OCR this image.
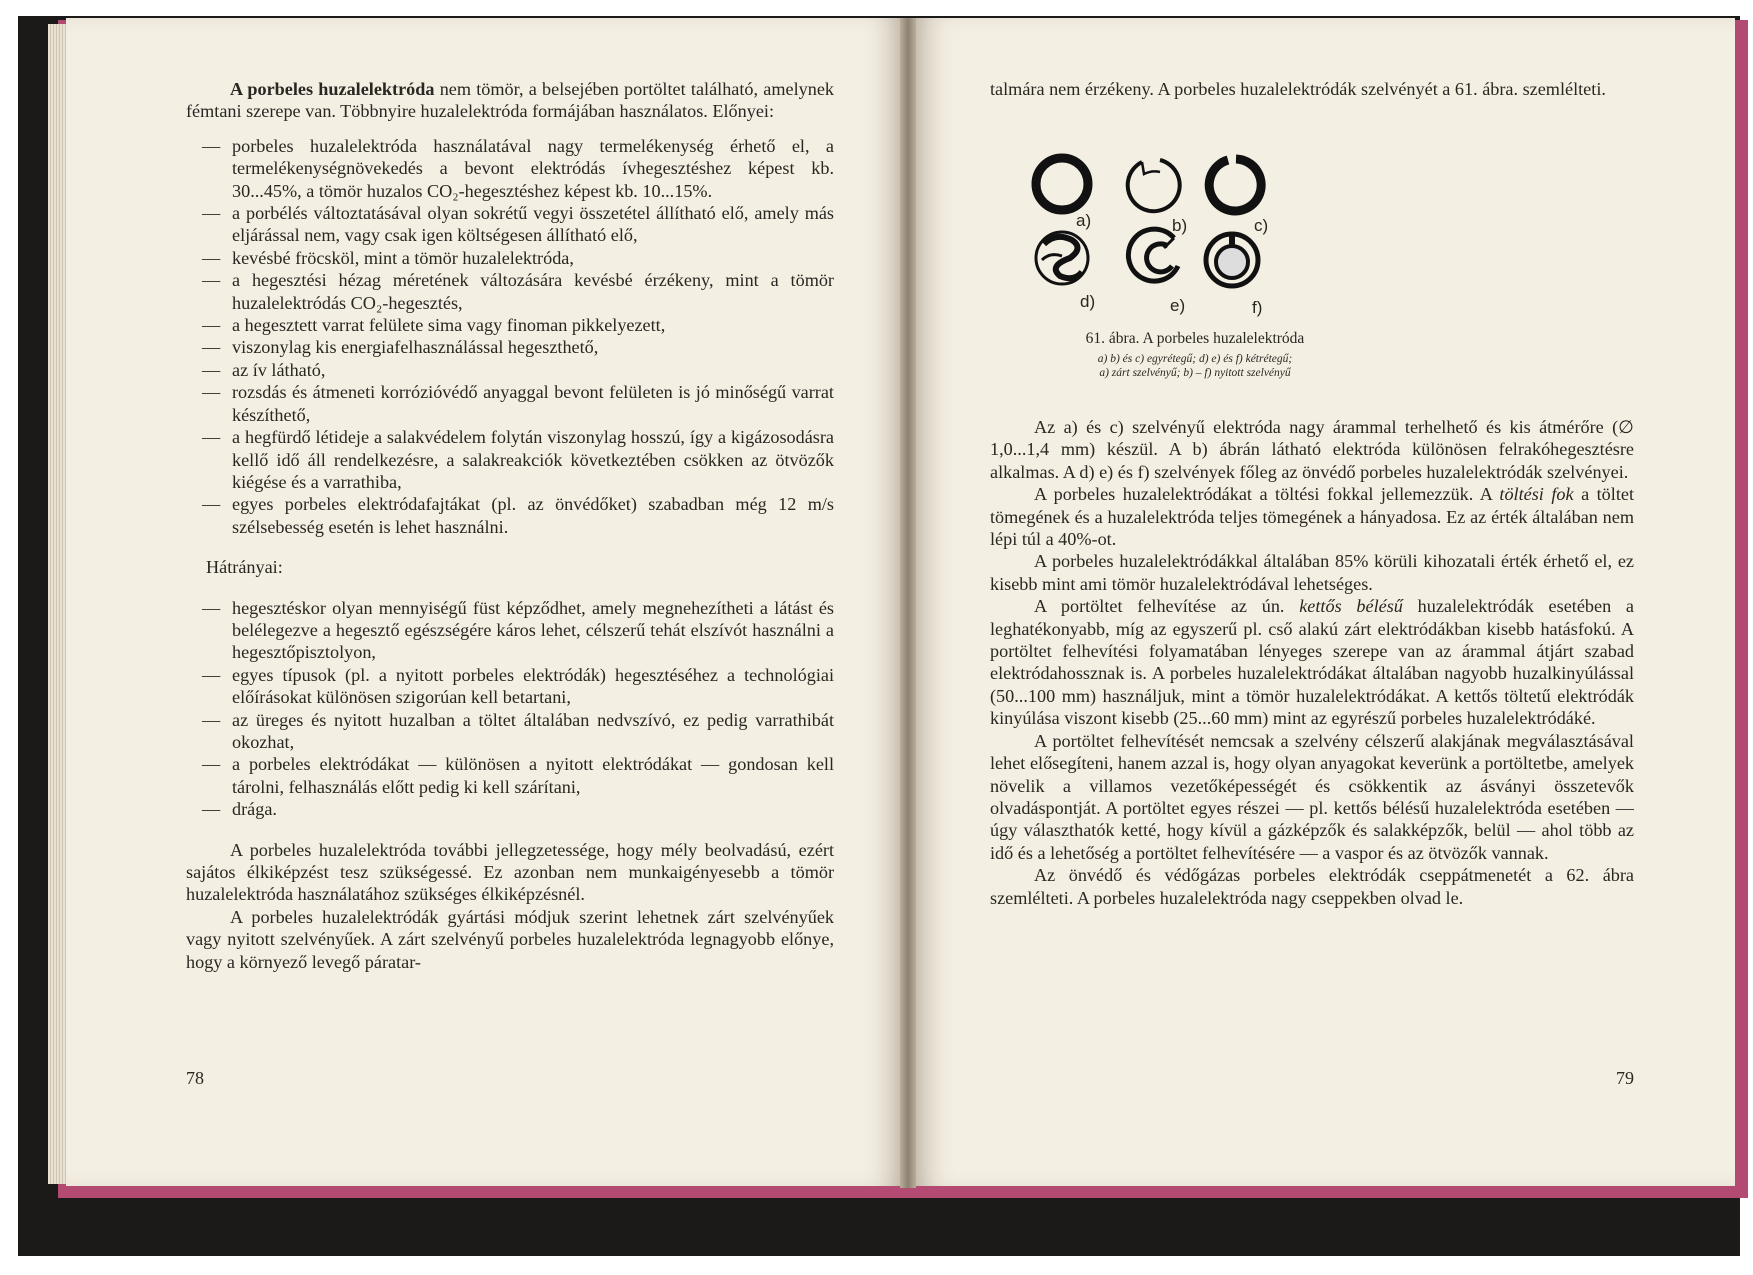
A porbeles huzalelektróda nem tömör, a belsejében portöltet található, amelynek fémtani szerepe van. Többnyire huzalelektróda formájában használatos. Előnyei:

— porbeles huzalelektróda használatával nagy termelékenység érhető el, a termelékenységnövekedés a bevont elektródás ívhegesztéshez képest kb. 30...45%, a tömör huzalos CO₂-hegesztéshez képest kb. 10...15%.
— a porbélés változtatásával olyan sokrétű vegyi összetétel állítható elő, amely más eljárással nem, vagy csak igen költségesen állítható elő,
— kevésbé fröcsköl, mint a tömör huzalelektróda,
— a hegesztési hézag méretének változására kevésbé érzékeny, mint a tömör huzalelektródás CO₂-hegesztés,
— a hegesztett varrat felülete sima vagy finoman pikkelyezett,
— viszonylag kis energiafelhasználással hegeszthető,
— az ív látható,
— rozsdás és átmeneti korrózióvédő anyaggal bevont felületen is jó minőségű varrat készíthető,
— a hegfürdő létideje a salakvédelem folytán viszonylag hosszú, így a kigázosodásra kellő idő áll rendelkezésre, a salakreakciók következtében csökken az ötvözők kiégése és a varrathiba,
— egyes porbeles elektródafajtákat (pl. az önvédőket) szabadban még 12 m/s szélsebesség esetén is lehet használni.

Hátrányai:

— hegesztéskor olyan mennyiségű füst képződhet, amely megnehezítheti a látást és belélegezve a hegesztő egészségére káros lehet, célszerű tehát elszívót használni a hegesztőpisztolyon,
— egyes típusok (pl. a nyitott porbeles elektródák) hegesztéséhez a technológiai előírásokat különösen szigorúan kell betartani,
— az üreges és nyitott huzalban a töltet általában nedvszívó, ez pedig varrathibát okozhat,
— a porbeles elektródákat — különösen a nyitott elektródákat — gondosan kell tárolni, felhasználás előtt pedig ki kell szárítani,
— drága.

A porbeles huzalelektróda további jellegzetessége, hogy mély beolvadású, ezért sajátos élkiképzést tesz szükségessé. Ez azonban nem munkaigényesebb a tömör huzalelektróda használatához szükséges élkiképzésnél.

A porbeles huzalelektródák gyártási módjuk szerint lehetnek zárt szelvényűek vagy nyitott szelvényűek. A zárt szelvényű porbeles huzalelektróda legnagyobb előnye, hogy a környező levegő páratar-

78

talmára nem érzékeny. A porbeles huzalelektródák szelvényét a 61. ábra. szemlélteti.

a)	b)	c)
d)	e)	f)
61. ábra. A porbeles huzalelektróda
a) b) és c) egyrétegű; d) e) és f) kétrétegű;
a) zárt szelvényű; b) – f) nyitott szelvényű

Az a) és c) szelvényű elektróda nagy árammal terhelhető és kis átmérőre (∅ 1,0...1,4 mm) készül. A b) ábrán látható elektróda különösen felrakóhegesztésre alkalmas. A d) e) és f) szelvények főleg az önvédő porbeles huzalelektródák szelvényei.

A porbeles huzalelektródákat a töltési fokkal jellemezzük. A töltési fok a töltet tömegének és a huzalelektróda teljes tömegének a hányadosa. Ez az érték általában nem lépi túl a 40%-ot.

A porbeles huzalelektródákkal általában 85% körüli kihozatali érték érhető el, ez kisebb mint ami tömör huzalelektródával lehetséges.

A portöltet felhevítése az ún. kettős bélésű huzalelektródák esetében a leghatékonyabb, míg az egyszerű pl. cső alakú zárt elektródákban kisebb hatásfokú. A portöltet felhevítési folyamatában lényeges szerepe van az árammal átjárt szabad elektródahossznak is. A porbeles huzalelektródákat általában nagyobb huzalkinyúlással (50...100 mm) használjuk, mint a tömör huzalelektródákat. A kettős töltetű elektródák kinyúlása viszont kisebb (25...60 mm) mint az egyrészű porbeles huzalelektródáké.

A portöltet felhevítését nemcsak a szelvény célszerű alakjának megválasztásával lehet elősegíteni, hanem azzal is, hogy olyan anyagokat keverünk a portöltetbe, amelyek növelik a villamos vezetőképességét és csökkentik az ásványi összetevők olvadáspontját. A portöltet egyes részei — pl. kettős bélésű huzalelektróda esetében — úgy választhatók ketté, hogy kívül a gázképzők és salakképzők, belül — ahol több az idő és a lehetőség a portöltet felhevítésére — a vaspor és az ötvözők vannak.

Az önvédő és védőgázas porbeles elektródák cseppátmenetét a 62. ábra szemlélteti. A porbeles huzalelektróda nagy cseppekben olvad le.

79
